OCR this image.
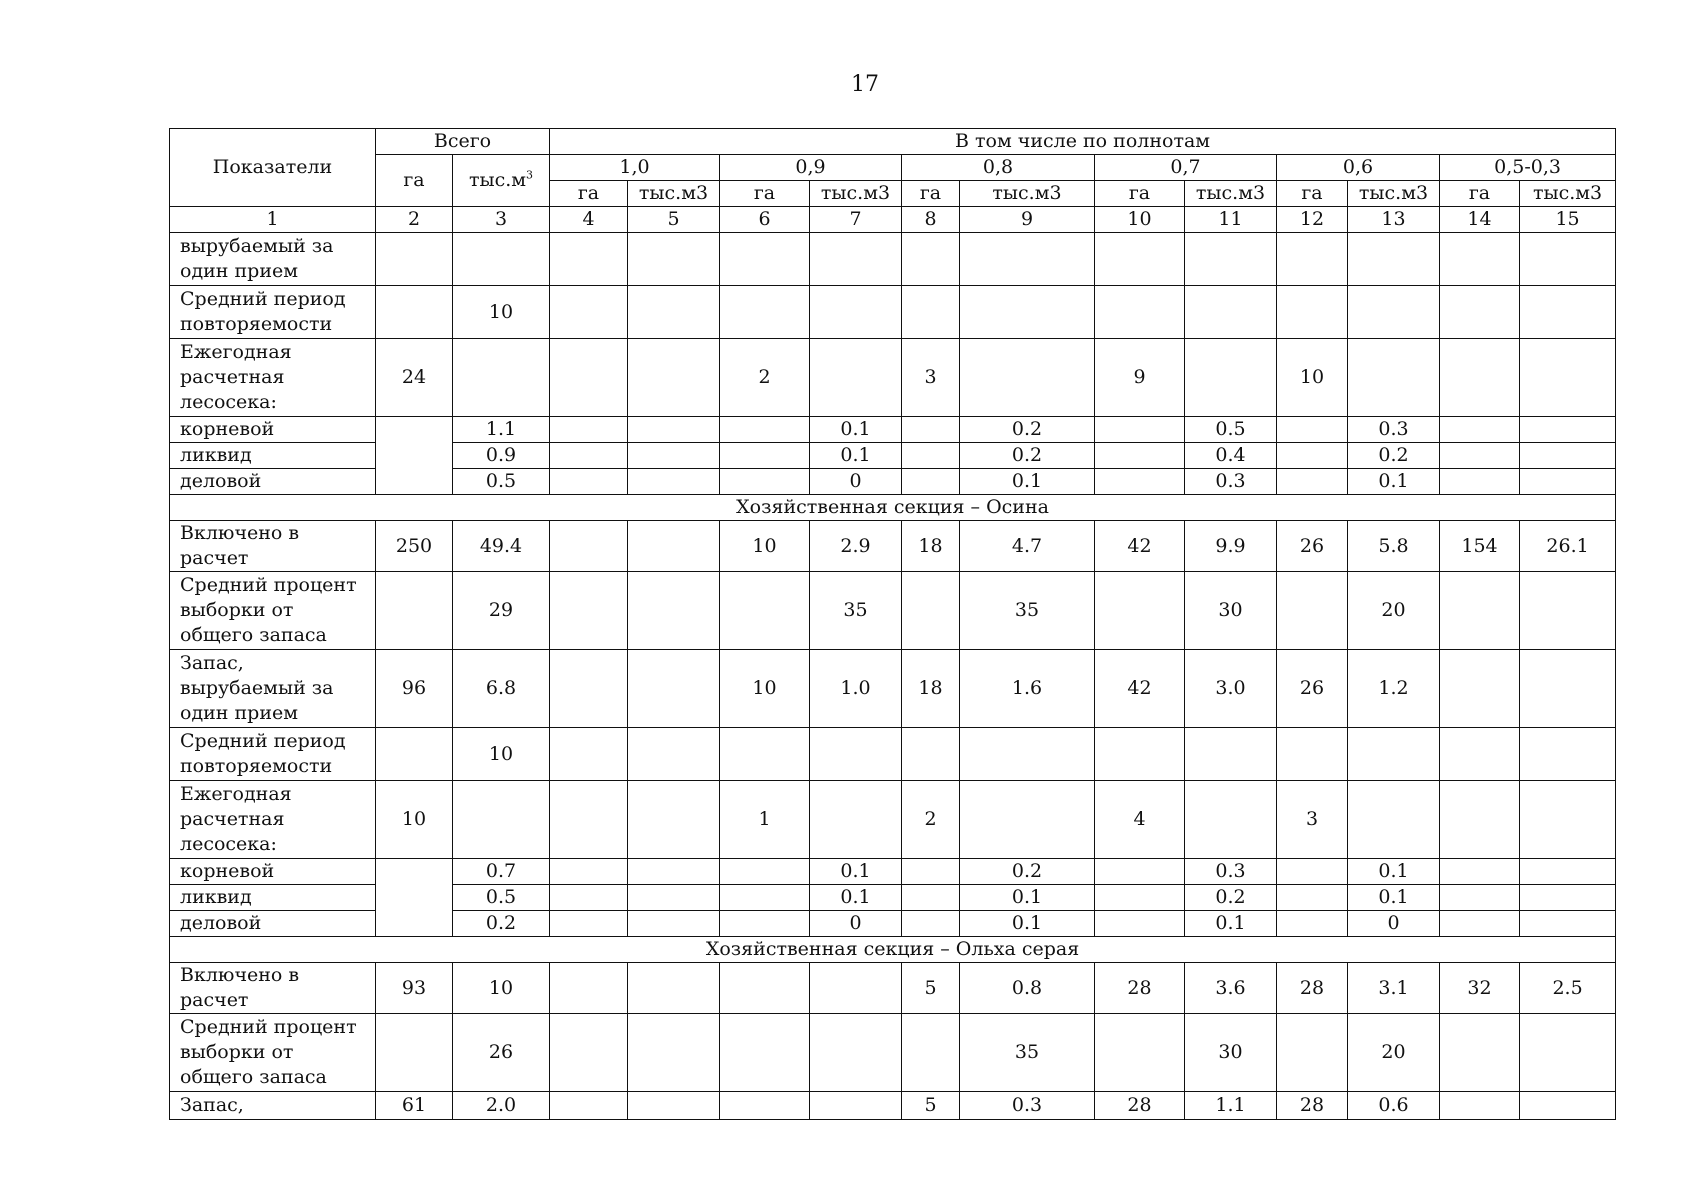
17
Показатели	Всего		В том числе по полнотам											
	га	$тыс.м^3$	1,0		0,9		0,8		0,7		0,6		0,5-0,3	
			га	тыс.м3	га	тыс.м3	га	тыс.м3	га	тыс.м3	га	тыс.м3	га	тыс.м3
1	2	3	4	5	6	7	8	9	10	11	12	13	14	15
вырубаемый за один прием														
Средний период повторяемости		10												
Ежегодная расчетная лесосека:	24				2		3		9		10			
корневой		1.1				0.1		0.2		0.5		0.3		
ликвид		0.9				0.1		0.2		0.4		0.2		
деловой		0.5				0		0.1		0.3		0.1		
Хозяйственная секция – Осина														
Включено в расчет	250	49.4			10	2.9	18	4.7	42	9.9	26	5.8	154	26.1
Средний процент выборки от общего запаса		29				35		35		30		20		
Запас, вырубаемый за один прием	96	6.8			10	1.0	18	1.6	42	3.0	26	1.2		
Средний период повторяемости		10												
Ежегодная расчетная лесосека:	10				1		2		4		3			
корневой		0.7				0.1		0.2		0.3		0.1		
ликвид		0.5				0.1		0.1		0.2		0.1		
деловой		0.2				0		0.1		0.1		0		
Хозяйственная секция – Ольха серая														
Включено в расчет	93	10					5	0.8	28	3.6	28	3.1	32	2.5
Средний процент выборки от общего запаса		26						35		30		20		
Запас,	61	2.0					5	0.3	28	1.1	28	0.6		
